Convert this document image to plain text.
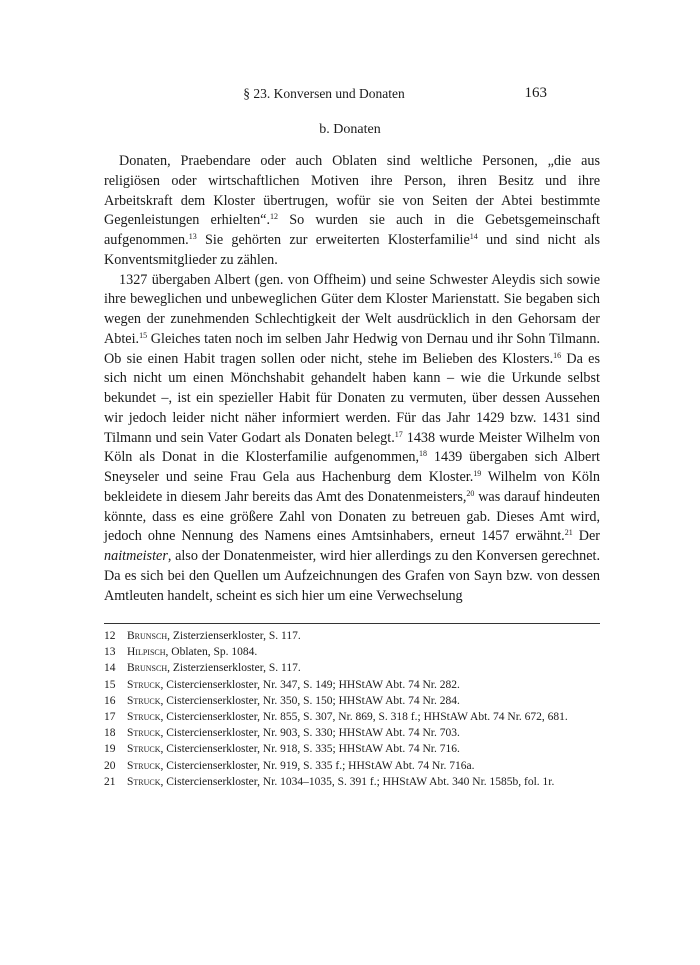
§ 23. Konversen und Donaten	163
b. Donaten

Donaten, Praebendare oder auch Oblaten sind weltliche Personen, „die aus religiösen oder wirtschaftlichen Motiven ihre Person, ihren Besitz und ihre Arbeitskraft dem Kloster übertrugen, wofür sie von Seiten der Abtei bestimmte Gegenleistungen erhielten“.$^{12}$ So wurden sie auch in die Gebetsgemeinschaft aufgenommen.$^{13}$ Sie gehörten zur erweiterten Klosterfamilie$^{14}$ und sind nicht als Konventsmitglieder zu zählen.

1327 übergaben Albert (gen. von Offheim) und seine Schwester Aleydis sich sowie ihre beweglichen und unbeweglichen Güter dem Kloster Marienstatt. Sie begaben sich wegen der zunehmenden Schlechtigkeit der Welt ausdrücklich in den Gehorsam der Abtei.$^{15}$ Gleiches taten noch im selben Jahr Hedwig von Dernau und ihr Sohn Tilmann. Ob sie einen Habit tragen sollen oder nicht, stehe im Belieben des Klosters.$^{16}$ Da es sich nicht um einen Mönchshabit gehandelt haben kann – wie die Urkunde selbst bekundet –, ist ein spezieller Habit für Donaten zu vermuten, über dessen Aussehen wir jedoch leider nicht näher informiert werden. Für das Jahr 1429 bzw. 1431 sind Tilmann und sein Vater Godart als Donaten belegt.$^{17}$ 1438 wurde Meister Wilhelm von Köln als Donat in die Klosterfamilie aufgenommen,$^{18}$ 1439 übergaben sich Albert Sneyseler und seine Frau Gela aus Hachenburg dem Kloster.$^{19}$ Wilhelm von Köln bekleidete in diesem Jahr bereits das Amt des Donatenmeisters,$^{20}$ was darauf hindeuten könnte, dass es eine größere Zahl von Donaten zu betreuen gab. Dieses Amt wird, jedoch ohne Nennung des Namens eines Amtsinhabers, erneut 1457 erwähnt.$^{21}$ Der naitmeister, also der Donatenmeister, wird hier allerdings zu den Konversen gerechnet. Da es sich bei den Quellen um Aufzeichnungen des Grafen von Sayn bzw. von dessen Amtleuten handelt, scheint es sich hier um eine Verwechselung

12	Brunsch, Zisterzienserkloster, S. 117.
13	Hilpisch, Oblaten, Sp. 1084.
14	Brunsch, Zisterzienserkloster, S. 117.
15	Struck, Cistercienserkloster, Nr. 347, S. 149; HHStAW Abt. 74 Nr. 282.
16	Struck, Cistercienserkloster, Nr. 350, S. 150; HHStAW Abt. 74 Nr. 284.
17	Struck, Cistercienserkloster, Nr. 855, S. 307, Nr. 869, S. 318 f.; HHStAW Abt. 74 Nr. 672, 681.
18	Struck, Cistercienserkloster, Nr. 903, S. 330; HHStAW Abt. 74 Nr. 703.
19	Struck, Cistercienserkloster, Nr. 918, S. 335; HHStAW Abt. 74 Nr. 716.
20	Struck, Cistercienserkloster, Nr. 919, S. 335 f.; HHStAW Abt. 74 Nr. 716a.
21	Struck, Cistercienserkloster, Nr. 1034–1035, S. 391 f.; HHStAW Abt. 340 Nr. 1585b, fol. 1r.
